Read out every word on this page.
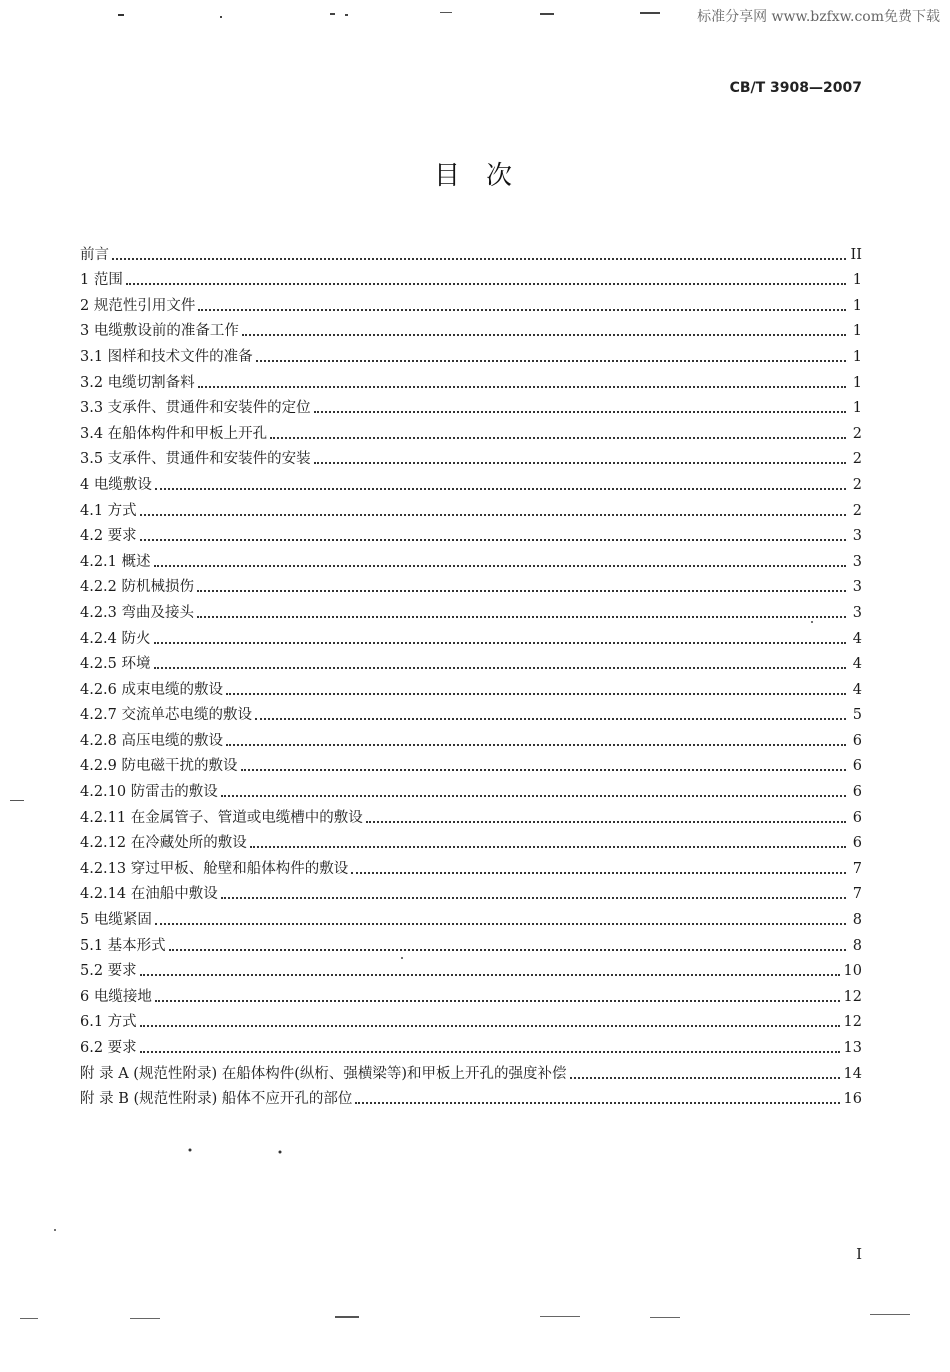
标准分享网 www.bzfxw.com免费下载
CB/T 3908—2007
目次
前言	II
1 范围	1
2 规范性引用文件	1
3 电缆敷设前的准备工作	1
3.1 图样和技术文件的准备	1
3.2 电缆切割备料	1
3.3 支承件、贯通件和安装件的定位	1
3.4 在船体构件和甲板上开孔	2
3.5 支承件、贯通件和安装件的安装	2
4 电缆敷设	2
4.1 方式	2
4.2 要求	3
4.2.1 概述	3
4.2.2 防机械损伤	3
4.2.3 弯曲及接头	3
4.2.4 防火	4
4.2.5 环境	4
4.2.6 成束电缆的敷设	4
4.2.7 交流单芯电缆的敷设	5
4.2.8 高压电缆的敷设	6
4.2.9 防电磁干扰的敷设	6
4.2.10 防雷击的敷设	6
4.2.11 在金属管子、管道或电缆槽中的敷设	6
4.2.12 在冷藏处所的敷设	6
4.2.13 穿过甲板、舱壁和船体构件的敷设	7
4.2.14 在油船中敷设	7
5 电缆紧固	8
5.1 基本形式	8
5.2 要求	10
6 电缆接地	12
6.1 方式	12
6.2 要求	13
附 录 A (规范性附录) 在船体构件(纵桁、强横梁等)和甲板上开孔的强度补偿	14
附 录 B (规范性附录) 船体不应开孔的部位	16
I
